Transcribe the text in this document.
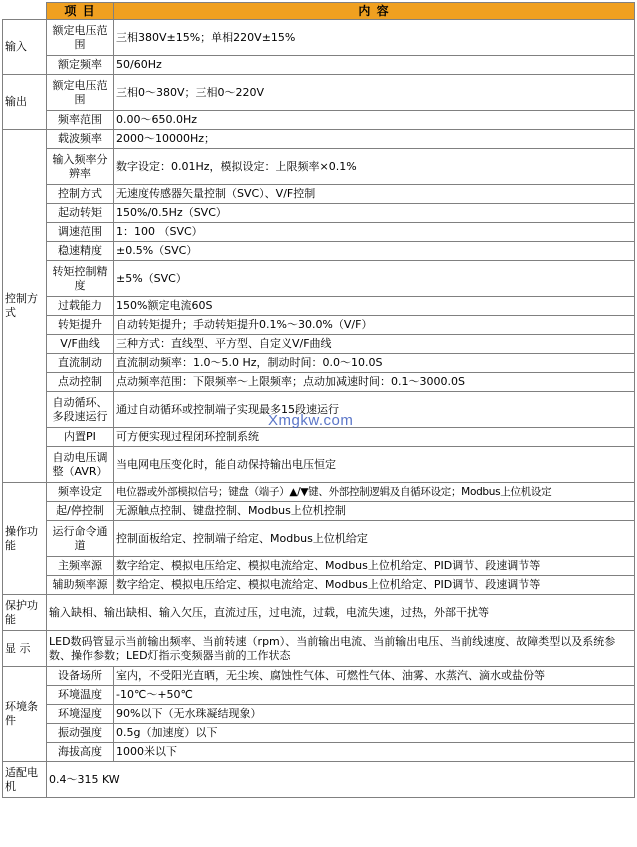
	项 目	内 容
输入	额定电压范围	三相380V±15%；单相220V±15%
	额定频率	50/60Hz
输出	额定电压范围	三相0～380V；三相0～220V
	频率范围	0.00～650.0Hz
控制方式	载波频率	2000～10000Hz；
	输入频率分辨率	数字设定：0.01Hz，模拟设定：上限频率×0.1%
	控制方式	无速度传感器矢量控制（SVC）、V/F控制
	起动转矩	150%/0.5Hz（SVC）
	调速范围	1：100 （SVC）
	稳速精度	±0.5%（SVC）
	转矩控制精度	±5%（SVC）
	过载能力	150%额定电流60S
	转矩提升	自动转矩提升；手动转矩提升0.1%～30.0%（V/F）
	V/F曲线	三种方式：直线型、平方型、自定义V/F曲线
	直流制动	直流制动频率：1.0～5.0 Hz，制动时间：0.0～10.0S
	点动控制	点动频率范围：下限频率～上限频率；点动加减速时间：0.1～3000.0S
	自动循环、多段速运行	通过自动循环或控制端子实现最多15段速运行
	内置PI	可方便实现过程闭环控制系统
	自动电压调整（AVR）	当电网电压变化时，能自动保持输出电压恒定
操作功能	频率设定	电位器或外部模拟信号；键盘（端子）▲/▼键、外部控制逻辑及自循环设定；Modbus上位机设定
	起/停控制	无源触点控制、键盘控制、Modbus上位机控制
	运行命令通道	控制面板给定、控制端子给定、Modbus上位机给定
	主频率源	数字给定、模拟电压给定、模拟电流给定、Modbus上位机给定、PID调节、段速调节等
	辅助频率源	数字给定、模拟电压给定、模拟电流给定、Modbus上位机给定、PID调节、段速调节等
保护功能	输入缺相、输出缺相、输入欠压，直流过压，过电流，过载，电流失速，过热，外部干扰等	
显 示	LED数码管显示当前输出频率、当前转速（rpm）、当前输出电流、当前输出电压、当前线速度、故障类型以及系统参数、操作参数；LED灯指示变频器当前的工作状态	
环境条件	设备场所	室内，不受阳光直晒，无尘埃、腐蚀性气体、可燃性气体、油雾、水蒸汽、滴水或盐份等
	环境温度	-10℃～+50℃
	环境湿度	90%以下（无水珠凝结现象）
	振动强度	0.5g（加速度）以下
	海拔高度	1000米以下
适配电机	0.4～315 KW	
Xmgkw.com
